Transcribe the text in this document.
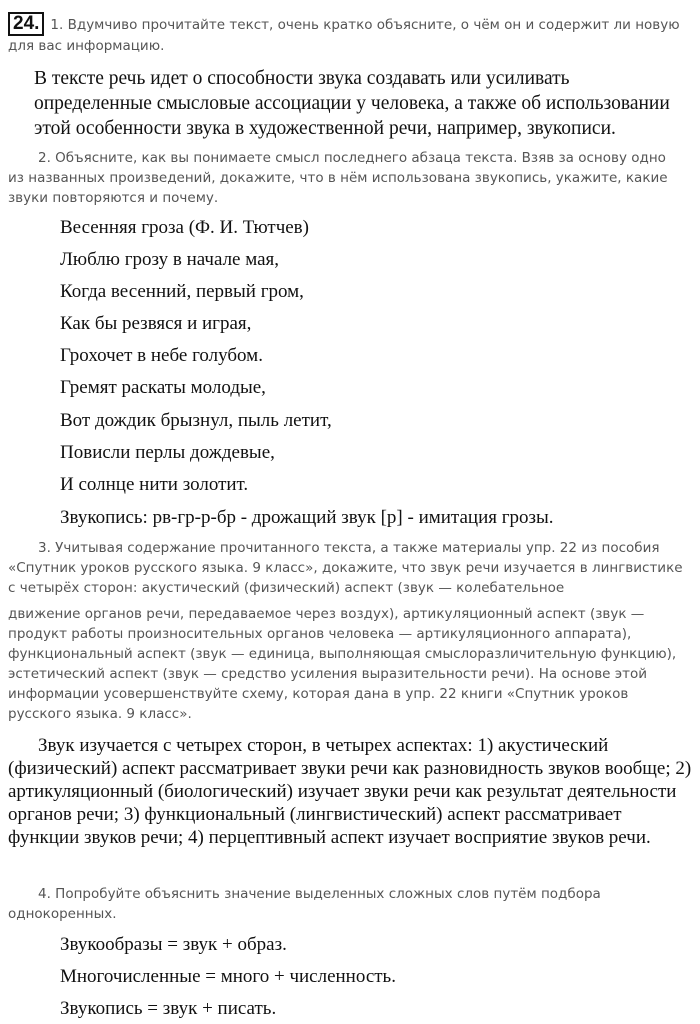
24. 1. Вдумчиво прочитайте текст, очень кратко объясните, о чём он и содержит ли новую для вас информацию.

В тексте речь идет о способности звука создавать или усиливать определенные смысловые ассоциации у человека, а также об использовании этой особенности звука в художественной речи, например, звукописи.

2. Объясните, как вы понимаете смысл последнего абзаца текста. Взяв за основу одно из названных произведений, докажите, что в нём использована звукопись, укажите, какие звуки повторяются и почему.

Весенняя гроза (Ф. И. Тютчев)
Люблю грозу в начале мая,
Когда весенний, первый гром,
Как бы резвяся и играя,
Грохочет в небе голубом.
Гремят раскаты молодые,
Вот дождик брызнул, пыль летит,
Повисли перлы дождевые,
И солнце нити золотит.
Звукопись: рв-гр-р-бр - дрожащий звук [р] - имитация грозы.

3. Учитывая содержание прочитанного текста, а также материалы упр. 22 из пособия «Спутник уроков русского языка. 9 класс», докажите, что звук речи изучается в лингвистике с четырёх сторон: акустический (физический) аспект (звук — колебательное

движение органов речи, передаваемое через воздух), артикуляционный аспект (звук — продукт работы произносительных органов человека — артикуляционного аппарата), функциональный аспект (звук — единица, выполняющая смыслоразличительную функцию), эстетический аспект (звук — средство усиления выразительности речи). На основе этой информации усовершенствуйте схему, которая дана в упр. 22 книги «Спутник уроков русского языка. 9 класс».

Звук изучается с четырех сторон, в четырех аспектах: 1) акустический (физический) аспект рассматривает звуки речи как разновидность звуков вообще; 2) артикуляционный (биологический) изучает звуки речи как результат деятельности органов речи; 3) функциональный (лингвистический) аспект рассматривает функции звуков речи; 4) перцептивный аспект изучает восприятие звуков речи.

4. Попробуйте объяснить значение выделенных сложных слов путём подбора однокоренных.

Звукообразы = звук + образ.
Многочисленные = много + численность.
Звукопись = звук + писать.
